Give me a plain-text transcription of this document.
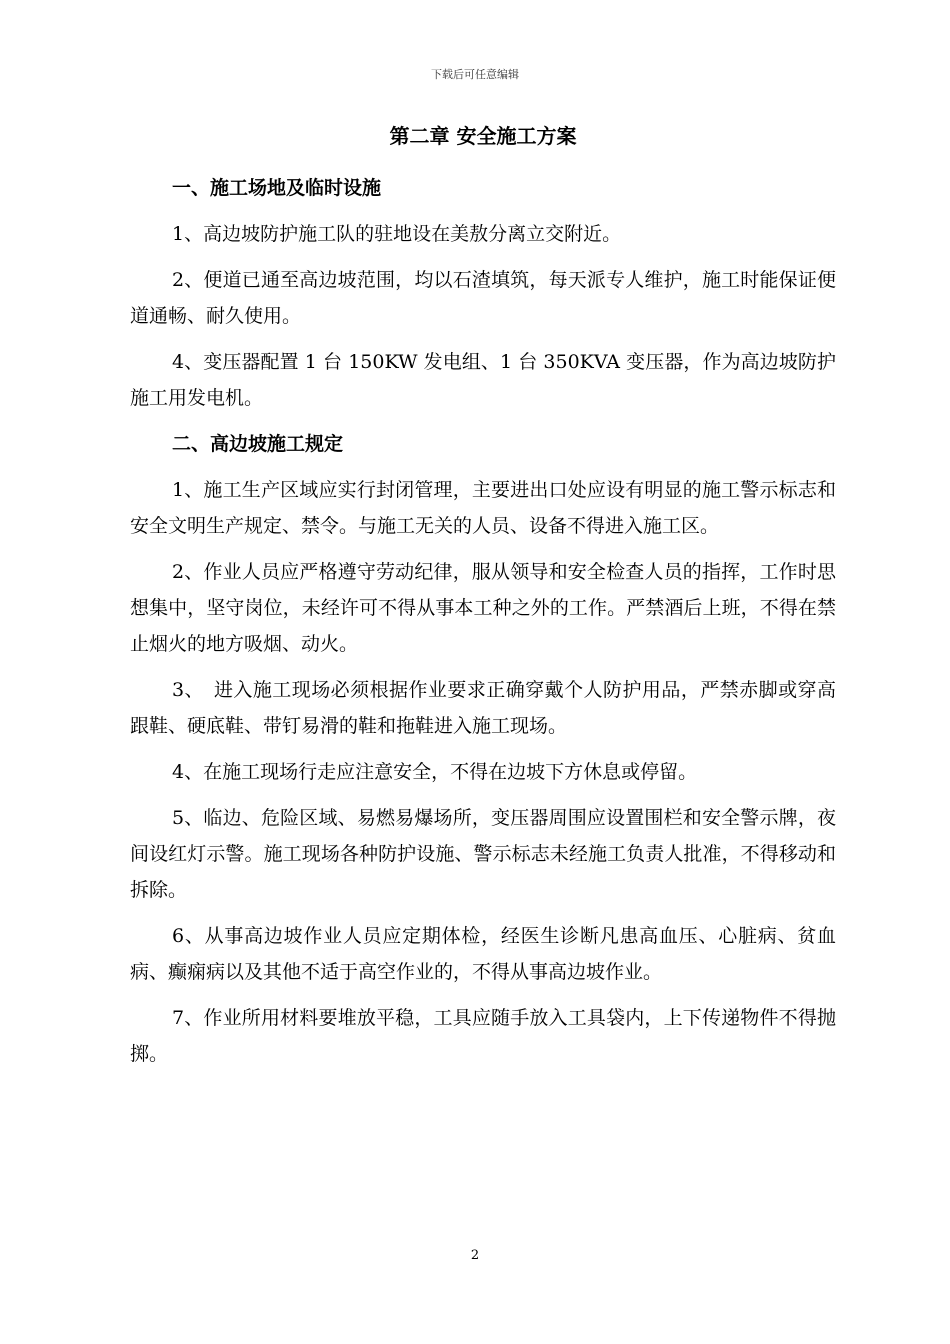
下载后可任意编辑
第二章 安全施工方案
一、施工场地及临时设施

1、高边坡防护施工队的驻地设在美敖分离立交附近。

2、便道已通至高边坡范围，均以石渣填筑，每天派专人维护，施工时能保证便道通畅、耐久使用。

4、变压器配置 1 台 150KW 发电组、1 台 350KVA 变压器，作为高边坡防护施工用发电机。

二、高边坡施工规定

1、施工生产区域应实行封闭管理，主要进出口处应设有明显的施工警示标志和安全文明生产规定、禁令。与施工无关的人员、设备不得进入施工区。

2、作业人员应严格遵守劳动纪律，服从领导和安全检查人员的指挥，工作时思想集中，坚守岗位，未经许可不得从事本工种之外的工作。严禁酒后上班，不得在禁止烟火的地方吸烟、动火。

3、　进入施工现场必须根据作业要求正确穿戴个人防护用品，严禁赤脚或穿高跟鞋、硬底鞋、带钉易滑的鞋和拖鞋进入施工现场。

4、在施工现场行走应注意安全，不得在边坡下方休息或停留。

5、临边、危险区域、易燃易爆场所，变压器周围应设置围栏和安全警示牌，夜间设红灯示警。施工现场各种防护设施、警示标志未经施工负责人批准，不得移动和拆除。

6、从事高边坡作业人员应定期体检，经医生诊断凡患高血压、心脏病、贫血病、癫痫病以及其他不适于高空作业的，不得从事高边坡作业。

7、作业所用材料要堆放平稳，工具应随手放入工具袋内，上下传递物件不得抛掷。

2
